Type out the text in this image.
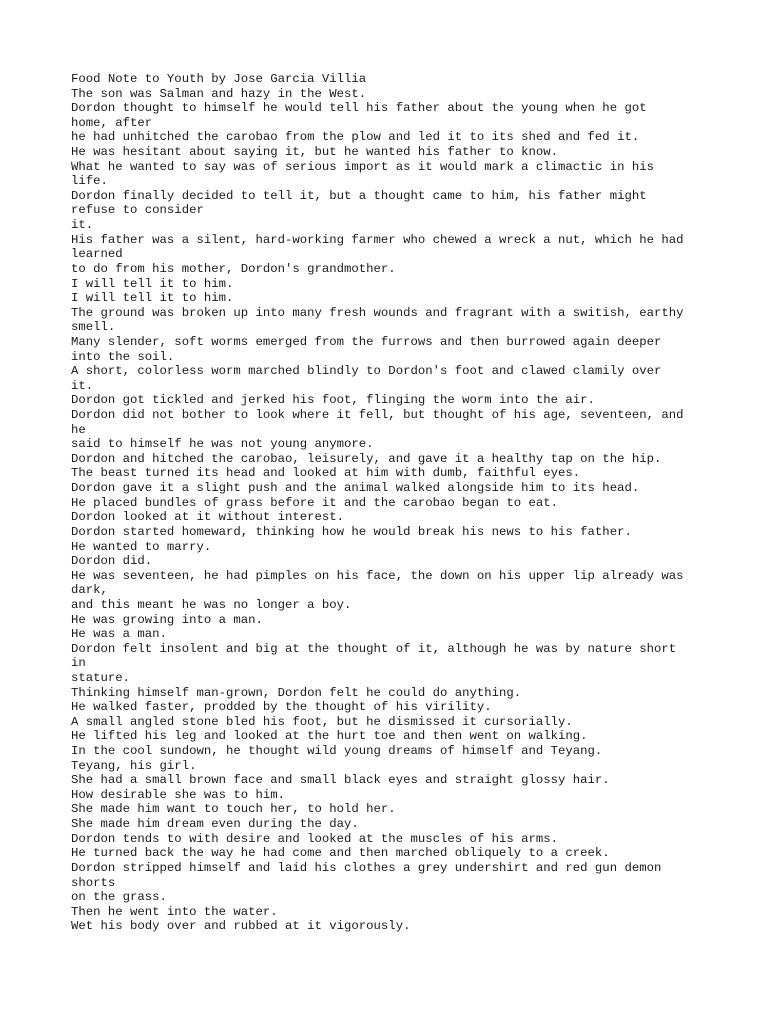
Food Note to Youth by Jose Garcia Villia
The son was Salman and hazy in the West.
Dordon thought to himself he would tell his father about the young when he got
home, after
he had unhitched the carobao from the plow and led it to its shed and fed it.
He was hesitant about saying it, but he wanted his father to know.
What he wanted to say was of serious import as it would mark a climactic in his
life.
Dordon finally decided to tell it, but a thought came to him, his father might
refuse to consider
it.
His father was a silent, hard-working farmer who chewed a wreck a nut, which he had
learned
to do from his mother, Dordon's grandmother.
I will tell it to him.
I will tell it to him.
The ground was broken up into many fresh wounds and fragrant with a switish, earthy
smell.
Many slender, soft worms emerged from the furrows and then burrowed again deeper
into the soil.
A short, colorless worm marched blindly to Dordon's foot and clawed clamily over
it.
Dordon got tickled and jerked his foot, flinging the worm into the air.
Dordon did not bother to look where it fell, but thought of his age, seventeen, and
he
said to himself he was not young anymore.
Dordon and hitched the carobao, leisurely, and gave it a healthy tap on the hip.
The beast turned its head and looked at him with dumb, faithful eyes.
Dordon gave it a slight push and the animal walked alongside him to its head.
He placed bundles of grass before it and the carobao began to eat.
Dordon looked at it without interest.
Dordon started homeward, thinking how he would break his news to his father.
He wanted to marry.
Dordon did.
He was seventeen, he had pimples on his face, the down on his upper lip already was
dark,
and this meant he was no longer a boy.
He was growing into a man.
He was a man.
Dordon felt insolent and big at the thought of it, although he was by nature short
in
stature.
Thinking himself man-grown, Dordon felt he could do anything.
He walked faster, prodded by the thought of his virility.
A small angled stone bled his foot, but he dismissed it cursorially.
He lifted his leg and looked at the hurt toe and then went on walking.
In the cool sundown, he thought wild young dreams of himself and Teyang.
Teyang, his girl.
She had a small brown face and small black eyes and straight glossy hair.
How desirable she was to him.
She made him want to touch her, to hold her.
She made him dream even during the day.
Dordon tends to with desire and looked at the muscles of his arms.
He turned back the way he had come and then marched obliquely to a creek.
Dordon stripped himself and laid his clothes a grey undershirt and red gun demon
shorts
on the grass.
Then he went into the water.
Wet his body over and rubbed at it vigorously.
